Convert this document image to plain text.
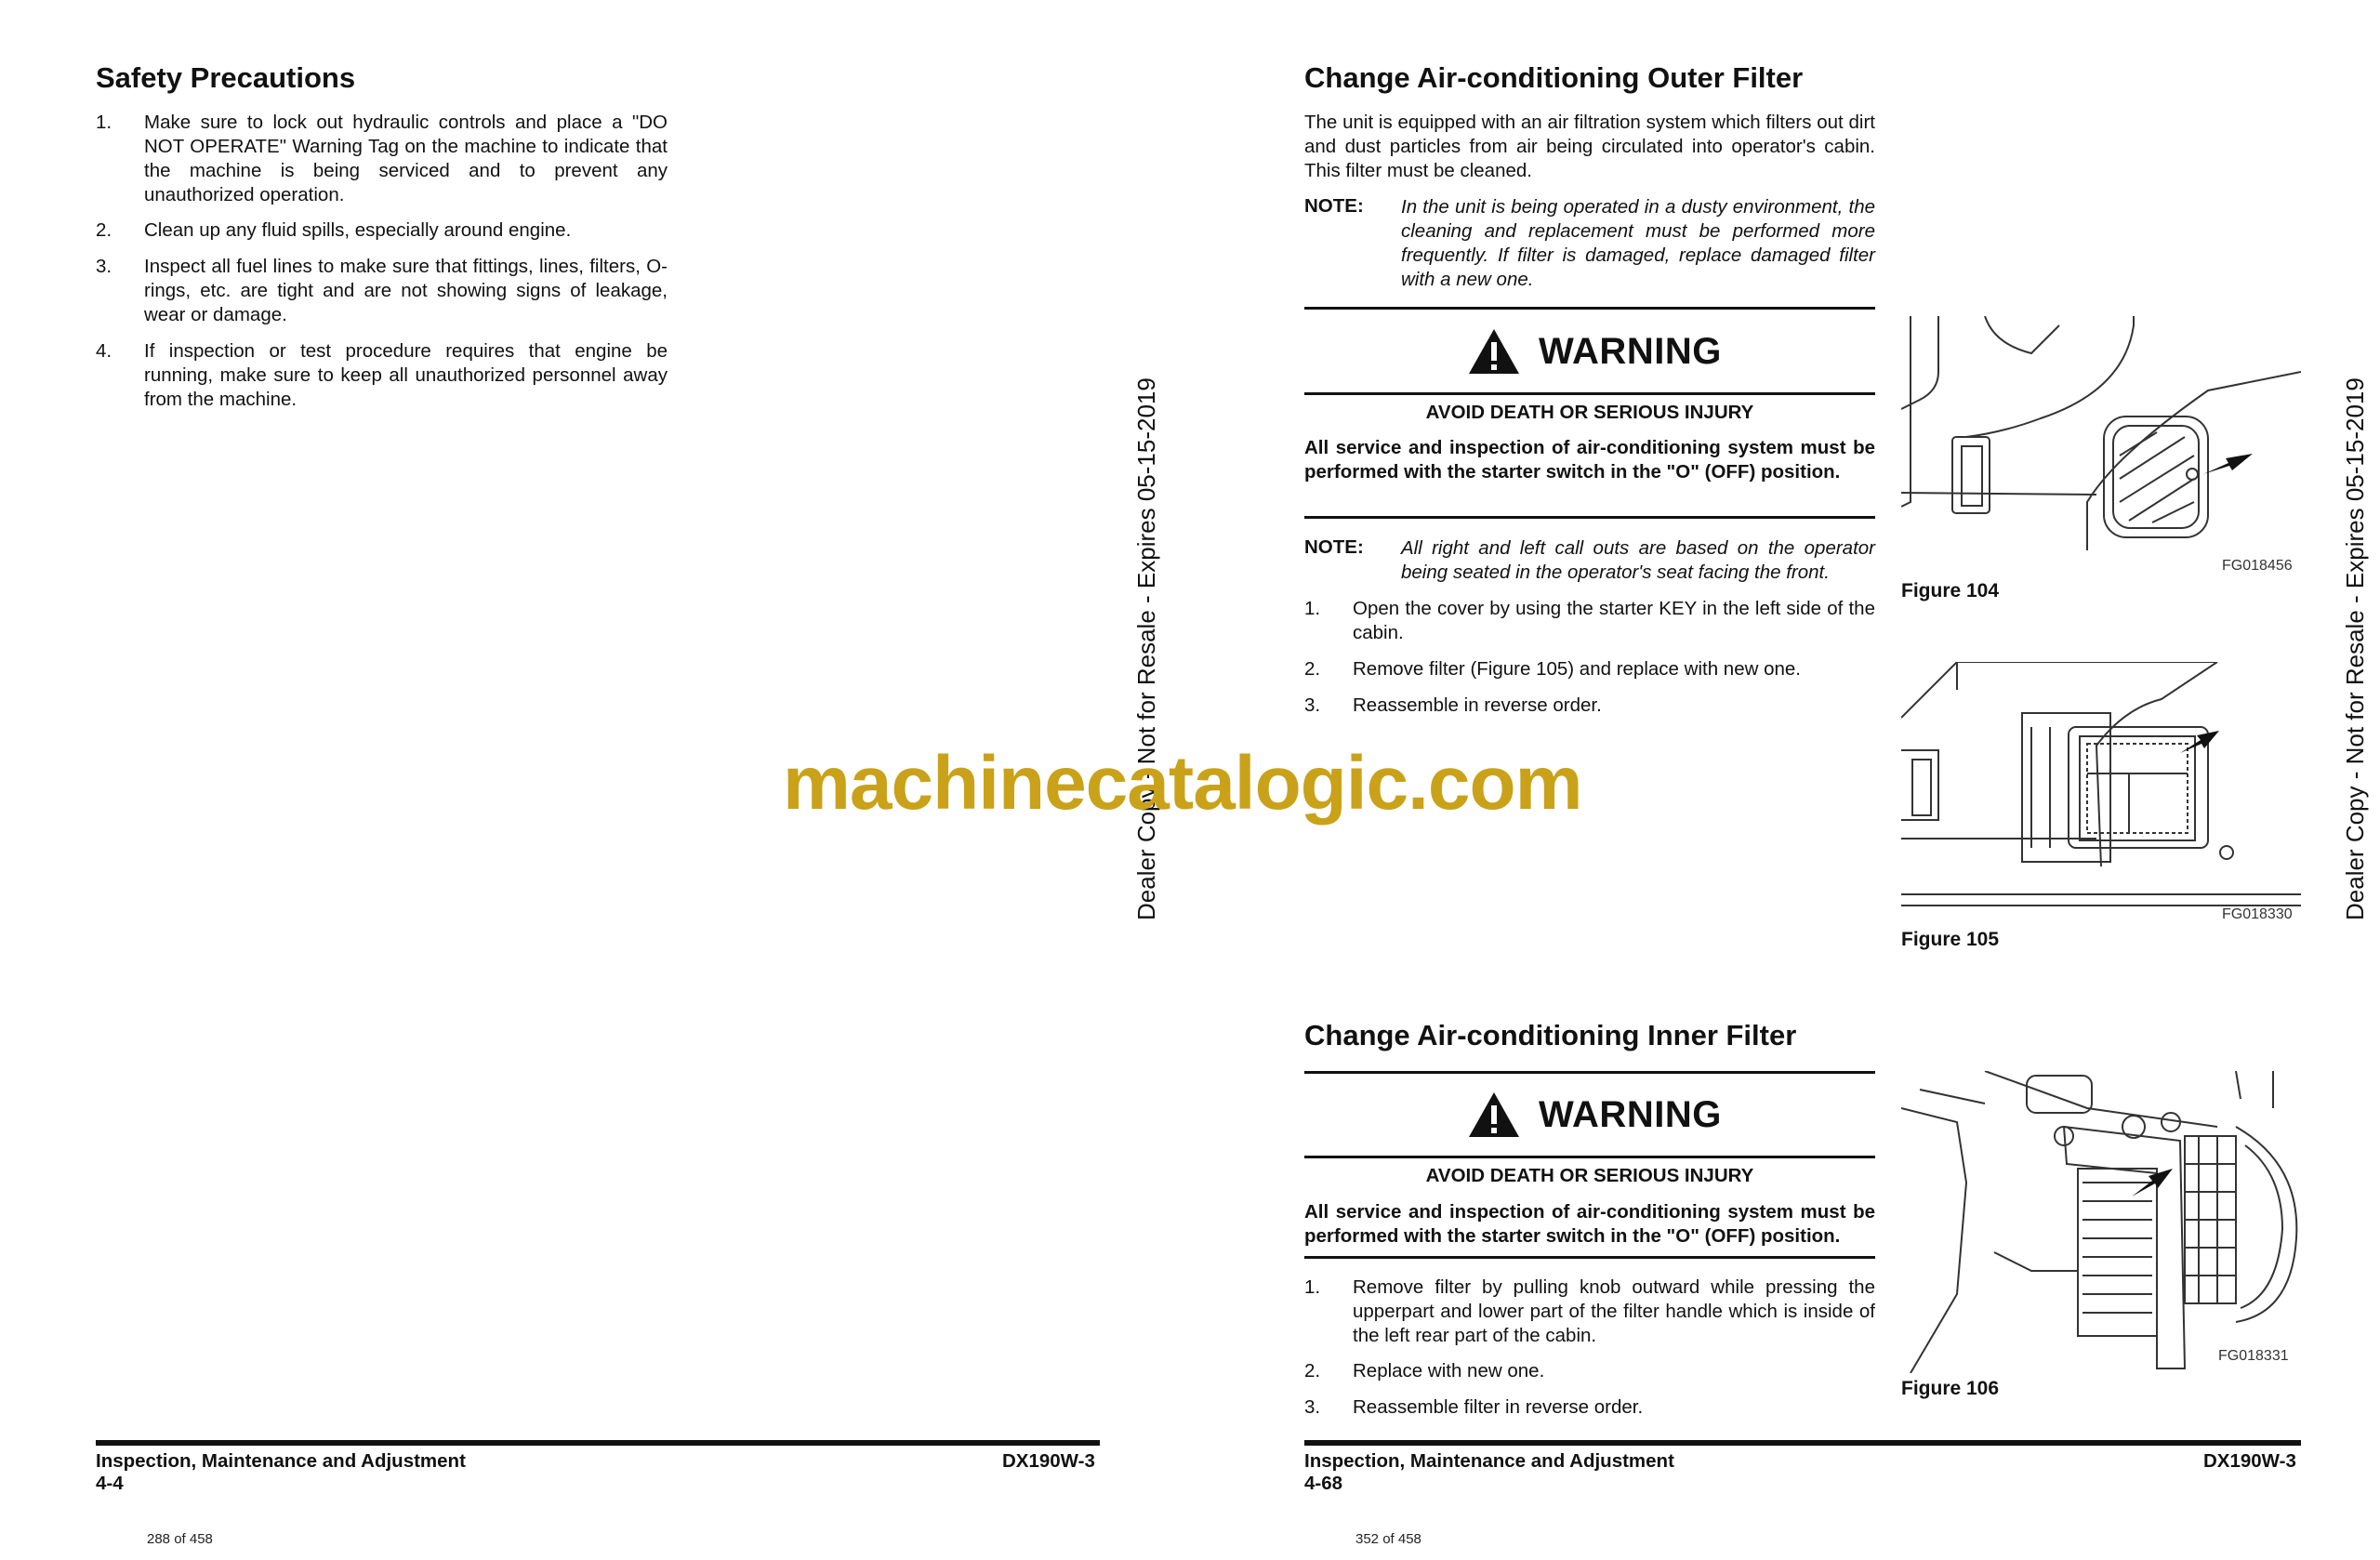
Safety Precautions
1. Make sure to lock out hydraulic controls and place a "DO NOT OPERATE" Warning Tag on the machine to indicate that the machine is being serviced and to prevent any unauthorized operation.
2. Clean up any fluid spills, especially around engine.
3. Inspect all fuel lines to make sure that fittings, lines, filters, O-rings, etc. are tight and are not showing signs of leakage, wear or damage.
4. If inspection or test procedure requires that engine be running, make sure to keep all unauthorized personnel away from the machine.
Inspection, Maintenance and Adjustment	DX190W-3
4-4
288 of 458
Dealer Copy - Not for Resale - Expires 05-15-2019	Dealer Copy - Not for Resale - Expires 05-15-2019
Change Air-conditioning Outer Filter
The unit is equipped with an air filtration system which filters out dirt and dust particles from air being circulated into operator's cabin. This filter must be cleaned.
NOTE: In the unit is being operated in a dusty environment, the cleaning and replacement must be performed more frequently. If filter is damaged, replace damaged filter with a new one.
WARNING
AVOID DEATH OR SERIOUS INJURY
All service and inspection of air-conditioning system must be performed with the starter switch in the "O" (OFF) position.
NOTE: All right and left call outs are based on the operator being seated in the operator's seat facing the front.
1. Open the cover by using the starter KEY in the left side of the cabin.
2. Remove filter (Figure 105) and replace with new one.
3. Reassemble in reverse order.
FG018456
Figure 104
FG018330
Figure 105
Change Air-conditioning Inner Filter
WARNING
AVOID DEATH OR SERIOUS INJURY
All service and inspection of air-conditioning system must be performed with the starter switch in the "O" (OFF) position.
1. Remove filter by pulling knob outward while pressing the upperpart and lower part of the filter handle which is inside of the left rear part of the cabin.
2. Replace with new one.
3. Reassemble filter in reverse order.
FG018331
Figure 106
Inspection, Maintenance and Adjustment	DX190W-3
4-68
352 of 458
machinecatalogic.com
